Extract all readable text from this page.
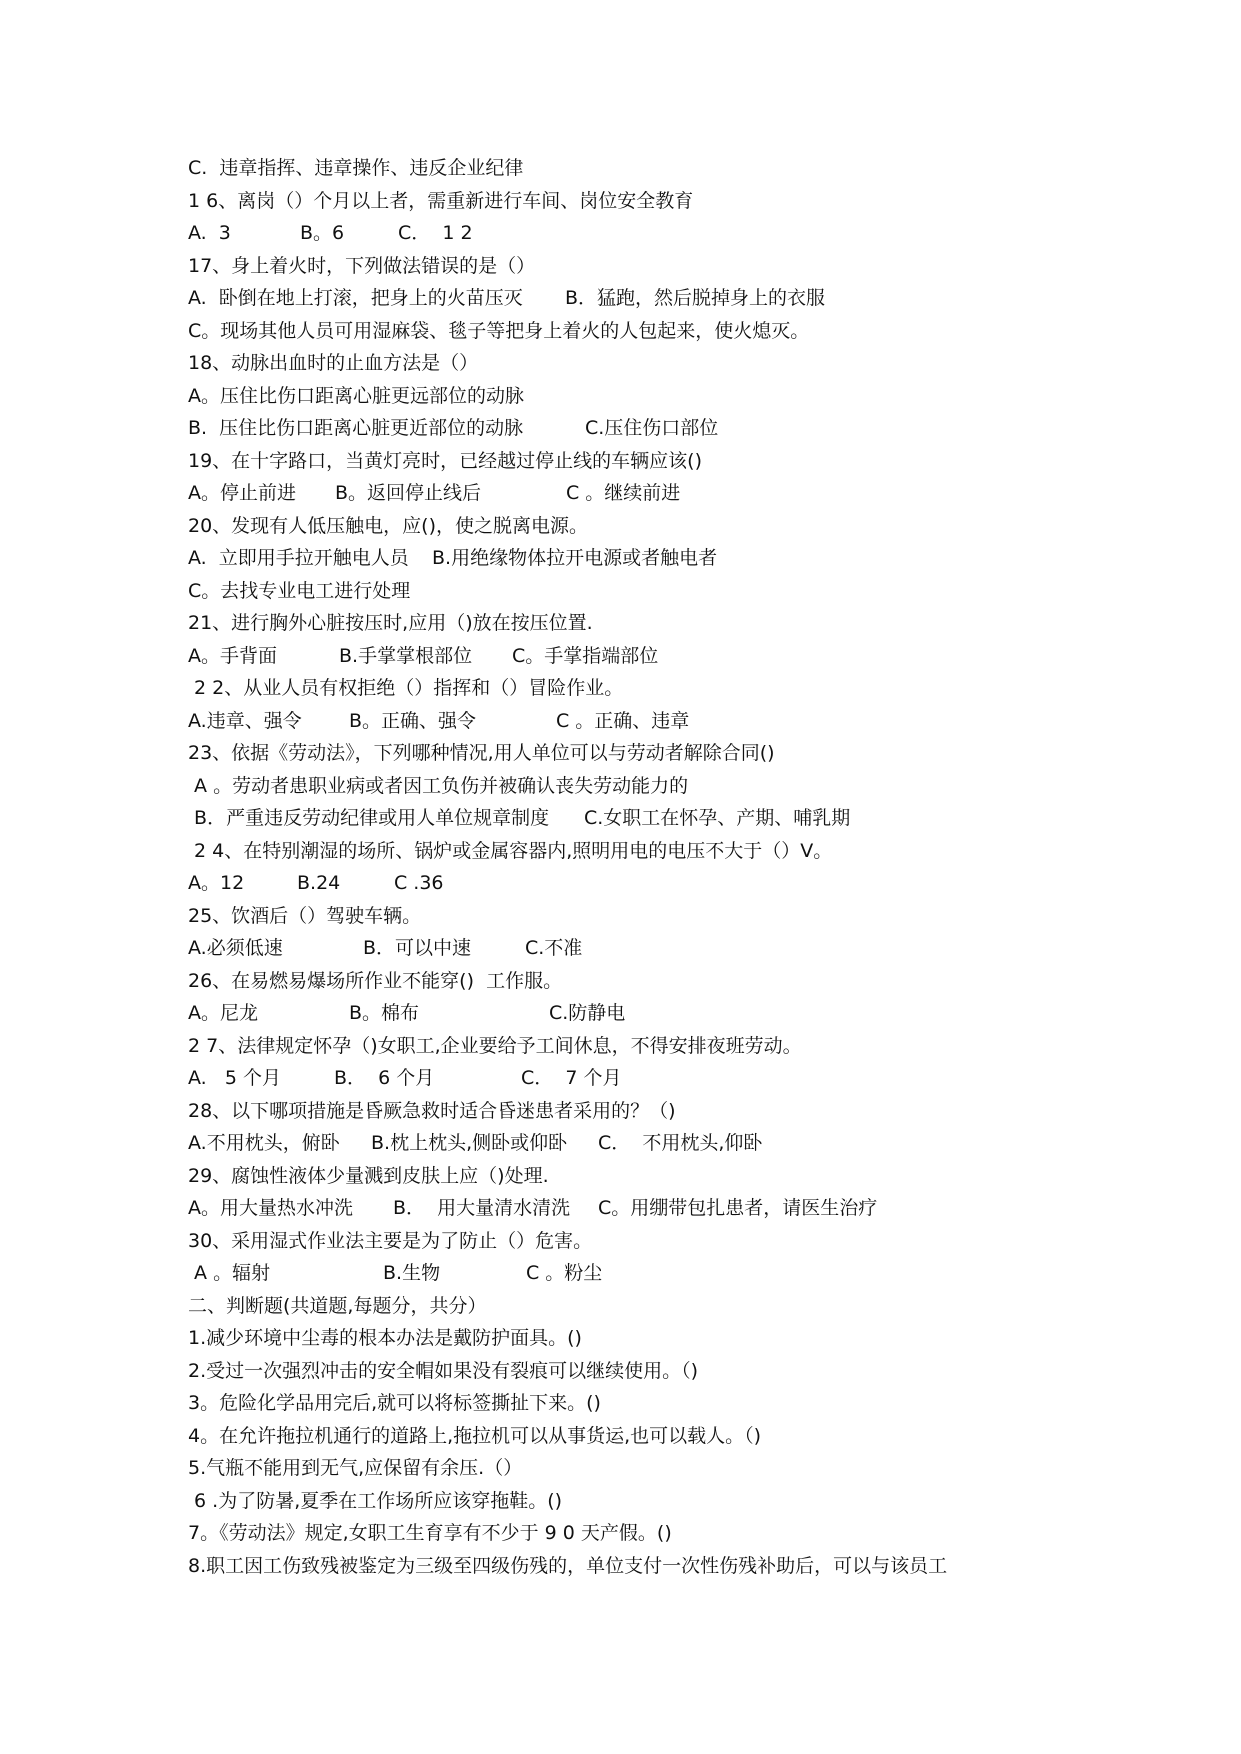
C.  违章指挥、违章操作、违反企业纪律
1 6、离岗（）个月以上者，需重新进行车间、岗位安全教育
A.  3	B。6	C．  1 2
17、身上着火时，下列做法错误的是（）
A.  卧倒在地上打滚，把身上的火苗压灭 B．猛跑，然后脱掉身上的衣服
C。现场其他人员可用湿麻袋、毯子等把身上着火的人包起来，使火熄灭。
18、动脉出血时的止血方法是（）
A。压住比伤口距离心脏更远部位的动脉
B.  压住比伤口距离心脏更近部位的动脉	C.压住伤口部位
19、在十字路口，当黄灯亮时，已经越过停止线的车辆应该()
A。停止前进 B。返回停止线后	C 。继续前进
20、发现有人低压触电，应()，使之脱离电源。
A.  立即用手拉开触电人员 B.用绝缘物体拉开电源或者触电者
C。去找专业电工进行处理
21、进行胸外心脏按压时,应用（)放在按压位置.
A。手背面	B.手掌掌根部位 C。手掌指端部位
2 2、从业人员有权拒绝（）指挥和（）冒险作业。
A.违章、强令 B。正确、强令	C 。正确、违章
23、依据《劳动法》，下列哪种情况,用人单位可以与劳动者解除合同()
A 。劳动者患职业病或者因工负伤并被确认丧失劳动能力的
B．严重违反劳动纪律或用人单位规章制度 C.女职工在怀孕、产期、哺乳期
2 4、在特别潮湿的场所、锅炉或金属容器内,照明用电的电压不大于（）V。
A。12	B.24	C .36
25、饮酒后（）驾驶车辆。
A.必须低速	B．可以中速	C.不准
26、在易燃易爆场所作业不能穿()  工作服。
A。尼龙	B。棉布	C.防静电
2 7、法律规定怀孕（)女职工,企业要给予工间休息，不得安排夜班劳动。
A.   5 个月	B．  6 个月	C．  7 个月
28、以下哪项措施是昏厥急救时适合昏迷患者采用的？（)
A.不用枕头，俯卧 B.枕上枕头,侧卧或仰卧 C．  不用枕头,仰卧
29、腐蚀性液体少量溅到皮肤上应（)处理.
A。用大量热水冲洗 B．  用大量清水清洗 C。用绷带包扎患者，请医生治疗
30、采用湿式作业法主要是为了防止（）危害。
A 。辐射	B.生物	C 。粉尘
二、判断题(共道题,每题分，共分）
1.减少环境中尘毒的根本办法是戴防护面具。()
2.受过一次强烈冲击的安全帽如果没有裂痕可以继续使用。（)
3。危险化学品用完后,就可以将标签撕扯下来。()
4。在允许拖拉机通行的道路上,拖拉机可以从事货运,也可以载人。（)
5.气瓶不能用到无气,应保留有余压.（）
6 .为了防暑,夏季在工作场所应该穿拖鞋。()
7。《劳动法》规定,女职工生育享有不少于 9 0 天产假。()
8.职工因工伤致残被鉴定为三级至四级伤残的，单位支付一次性伤残补助后，可以与该员工
